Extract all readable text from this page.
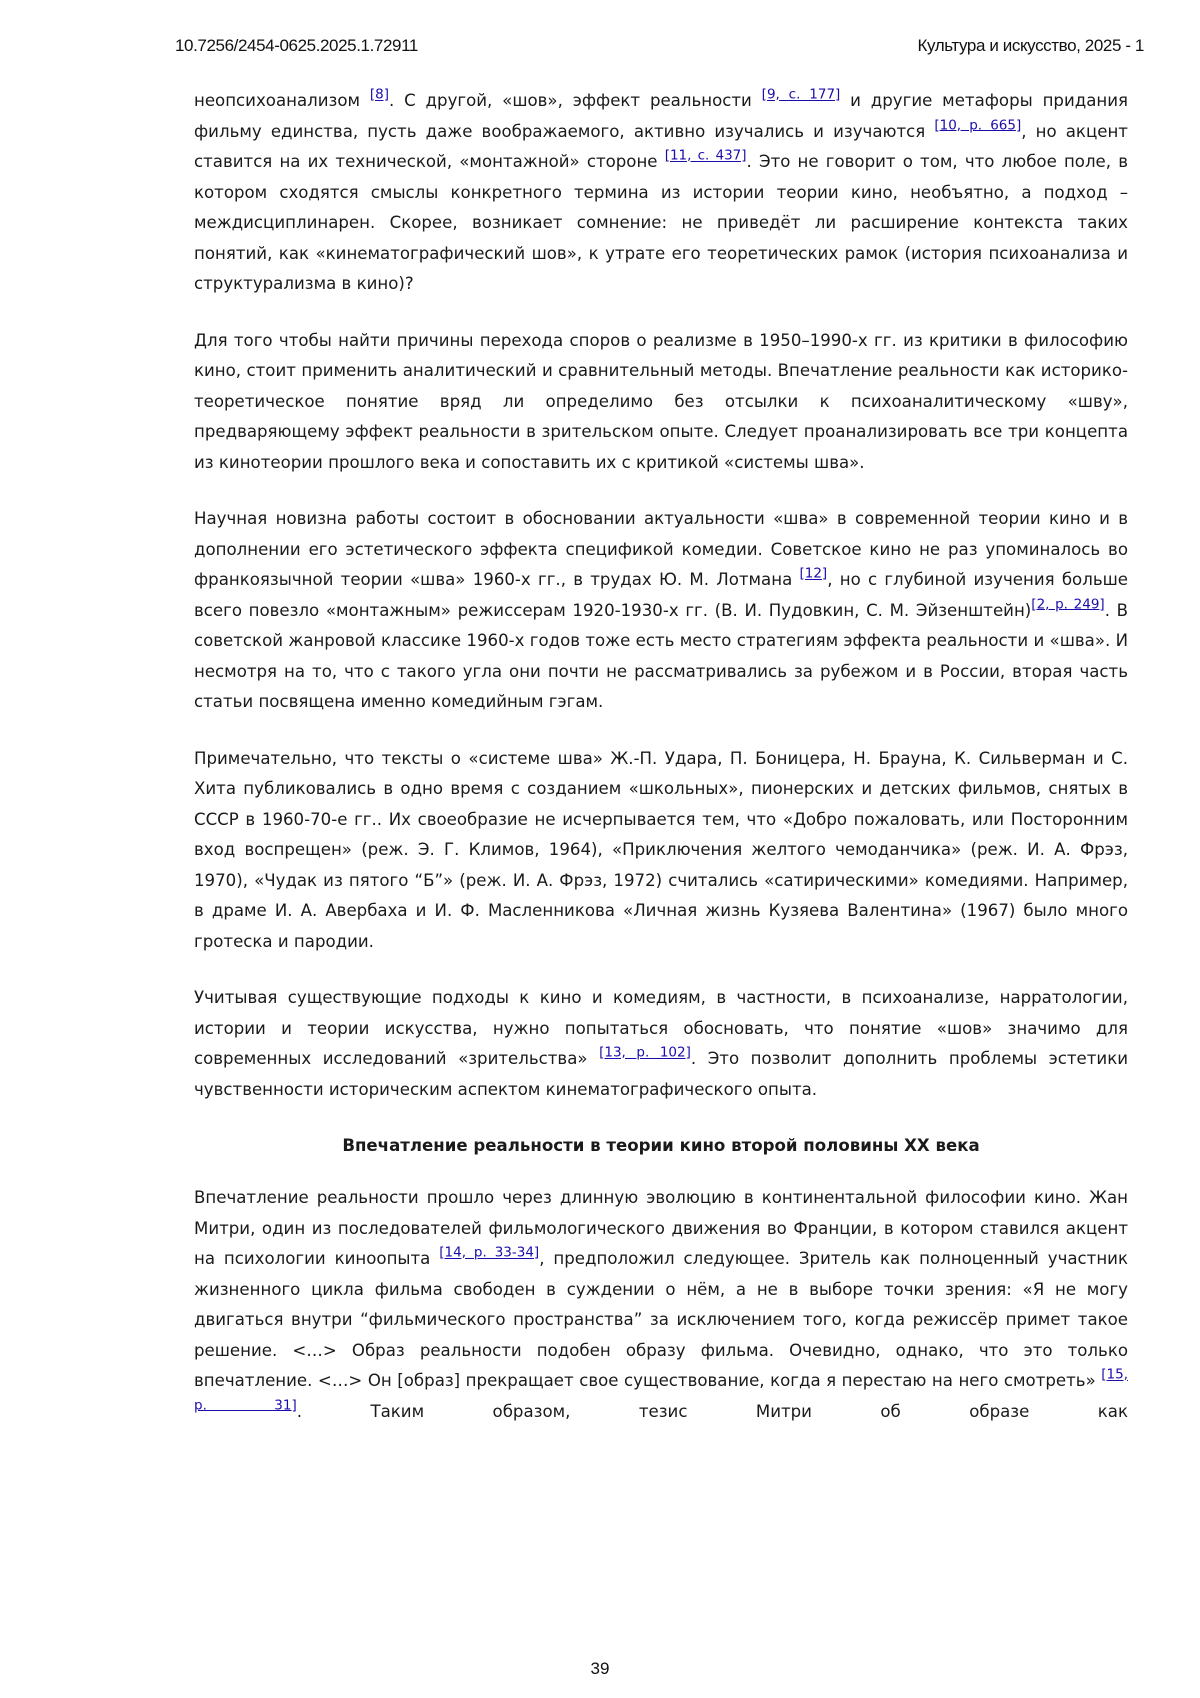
10.7256/2454-0625.2025.1.72911	Культура и искусство, 2025 - 1

неопсихоанализом [8]. С другой, «шов», эффект реальности [9, с. 177] и другие метафоры придания фильму единства, пусть даже воображаемого, активно изучались и изучаются [10, р. 665], но акцент ставится на их технической, «монтажной» стороне [11, с. 437]. Это не говорит о том, что любое поле, в котором сходятся смыслы конкретного термина из истории теории кино, необъятно, а подход – междисциплинарен. Скорее, возникает сомнение: не приведёт ли расширение контекста таких понятий, как «кинематографический шов», к утрате его теоретических рамок (история психоанализа и структурализма в кино)?

Для того чтобы найти причины перехода споров о реализме в 1950–1990-х гг. из критики в философию кино, стоит применить аналитический и сравнительный методы. Впечатление реальности как историко-теоретическое понятие вряд ли определимо без отсылки к психоаналитическому «шву», предваряющему эффект реальности в зрительском опыте. Следует проанализировать все три концепта из кинотеории прошлого века и сопоставить их с критикой «системы шва».

Научная новизна работы состоит в обосновании актуальности «шва» в современной теории кино и в дополнении его эстетического эффекта спецификой комедии. Советское кино не раз упоминалось во франкоязычной теории «шва» 1960-х гг., в трудах Ю. М. Лотмана [12], но с глубиной изучения больше всего повезло «монтажным» режиссерам 1920-1930-х гг. (В. И. Пудовкин, С. М. Эйзенштейн)[2, р. 249]. В советской жанровой классике 1960-х годов тоже есть место стратегиям эффекта реальности и «шва». И несмотря на то, что с такого угла они почти не рассматривались за рубежом и в России, вторая часть статьи посвящена именно комедийным гэгам.

Примечательно, что тексты о «системе шва» Ж.-П. Удара, П. Боницера, Н. Брауна, К. Сильверман и С. Хита публиковались в одно время с созданием «школьных», пионерских и детских фильмов, снятых в СССР в 1960-70-е гг.. Их своеобразие не исчерпывается тем, что «Добро пожаловать, или Посторонним вход воспрещен» (реж. Э. Г. Климов, 1964), «Приключения желтого чемоданчика» (реж. И. А. Фрэз, 1970), «Чудак из пятого “Б”» (реж. И. А. Фрэз, 1972) считались «сатирическими» комедиями. Например, в драме И. А. Авербаха и И. Ф. Масленникова «Личная жизнь Кузяева Валентина» (1967) было много гротеска и пародии.

Учитывая существующие подходы к кино и комедиям, в частности, в психоанализе, нарратологии, истории и теории искусства, нужно попытаться обосновать, что понятие «шов» значимо для современных исследований «зрительства» [13, р. 102]. Это позволит дополнить проблемы эстетики чувственности историческим аспектом кинематографического опыта.

Впечатление реальности в теории кино второй половины XX века

Впечатление реальности прошло через длинную эволюцию в континентальной философии кино. Жан Митри, один из последователей фильмологического движения во Франции, в котором ставился акцент на психологии киноопыта [14, р. 33-34], предположил следующее. Зритель как полноценный участник жизненного цикла фильма свободен в суждении о нём, а не в выборе точки зрения: «Я не могу двигаться внутри “фильмического пространства” за исключением того, когда режиссёр примет такое решение. <…> Образ реальности подобен образу фильма. Очевидно, однако, что это только впечатление. <…> Он [образ] прекращает свое существование, когда я перестаю на него смотреть» [15, р. 31]. Таким образом, тезис Митри об образе как

39
